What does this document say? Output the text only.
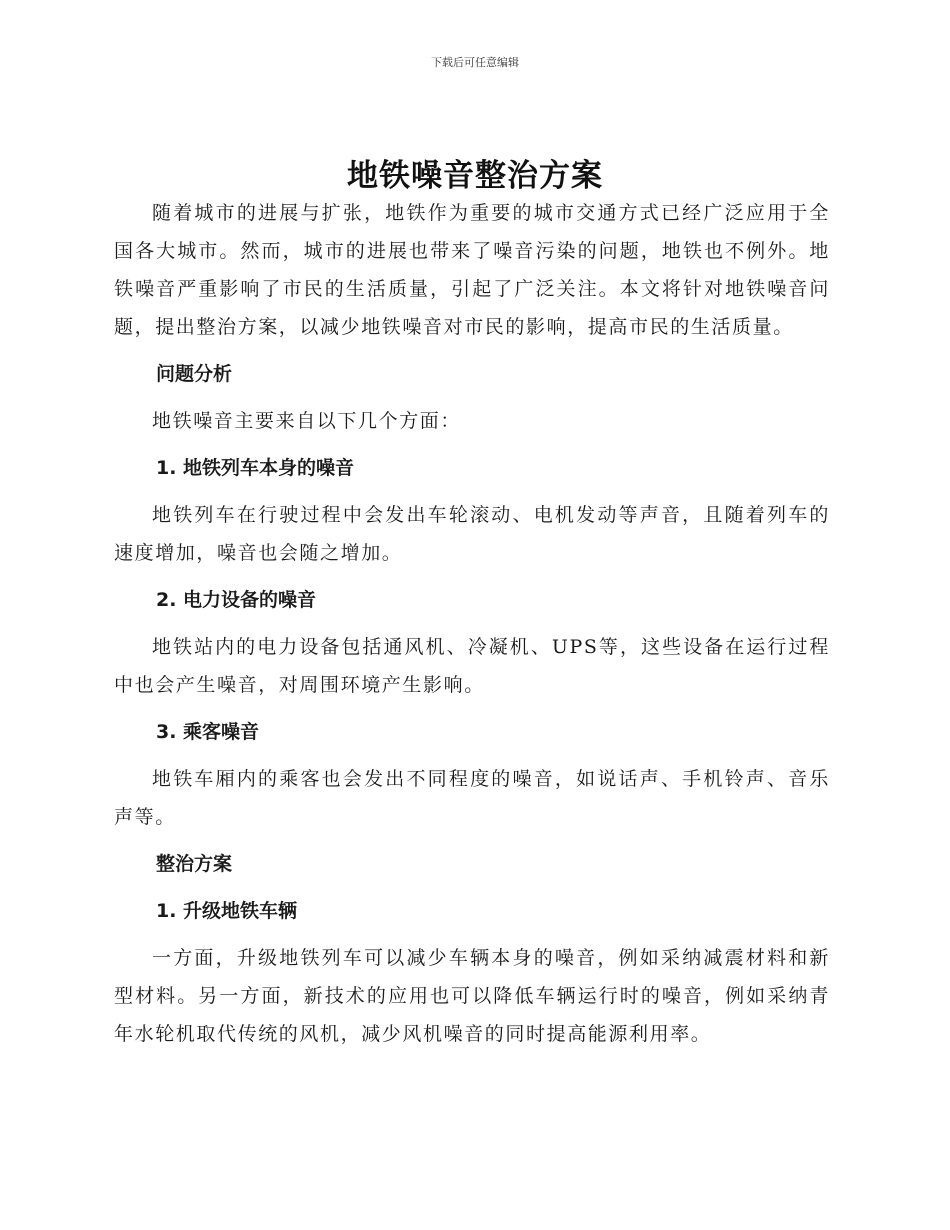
下载后可任意编辑
地铁噪音整治方案

随着城市的进展与扩张，地铁作为重要的城市交通方式已经广泛应用于全国各大城市。然而，城市的进展也带来了噪音污染的问题，地铁也不例外。地铁噪音严重影响了市民的生活质量，引起了广泛关注。本文将针对地铁噪音问题，提出整治方案，以减少地铁噪音对市民的影响，提高市民的生活质量。

问题分析

地铁噪音主要来自以下几个方面：

1. 地铁列车本身的噪音

地铁列车在行驶过程中会发出车轮滚动、电机发动等声音，且随着列车的速度增加，噪音也会随之增加。

2. 电力设备的噪音

地铁站内的电力设备包括通风机、冷凝机、UPS等，这些设备在运行过程中也会产生噪音，对周围环境产生影响。

3. 乘客噪音

地铁车厢内的乘客也会发出不同程度的噪音，如说话声、手机铃声、音乐声等。

整治方案

1. 升级地铁车辆

一方面，升级地铁列车可以减少车辆本身的噪音，例如采纳减震材料和新型材料。另一方面，新技术的应用也可以降低车辆运行时的噪音，例如采纳青年水轮机取代传统的风机，减少风机噪音的同时提高能源利用率。
